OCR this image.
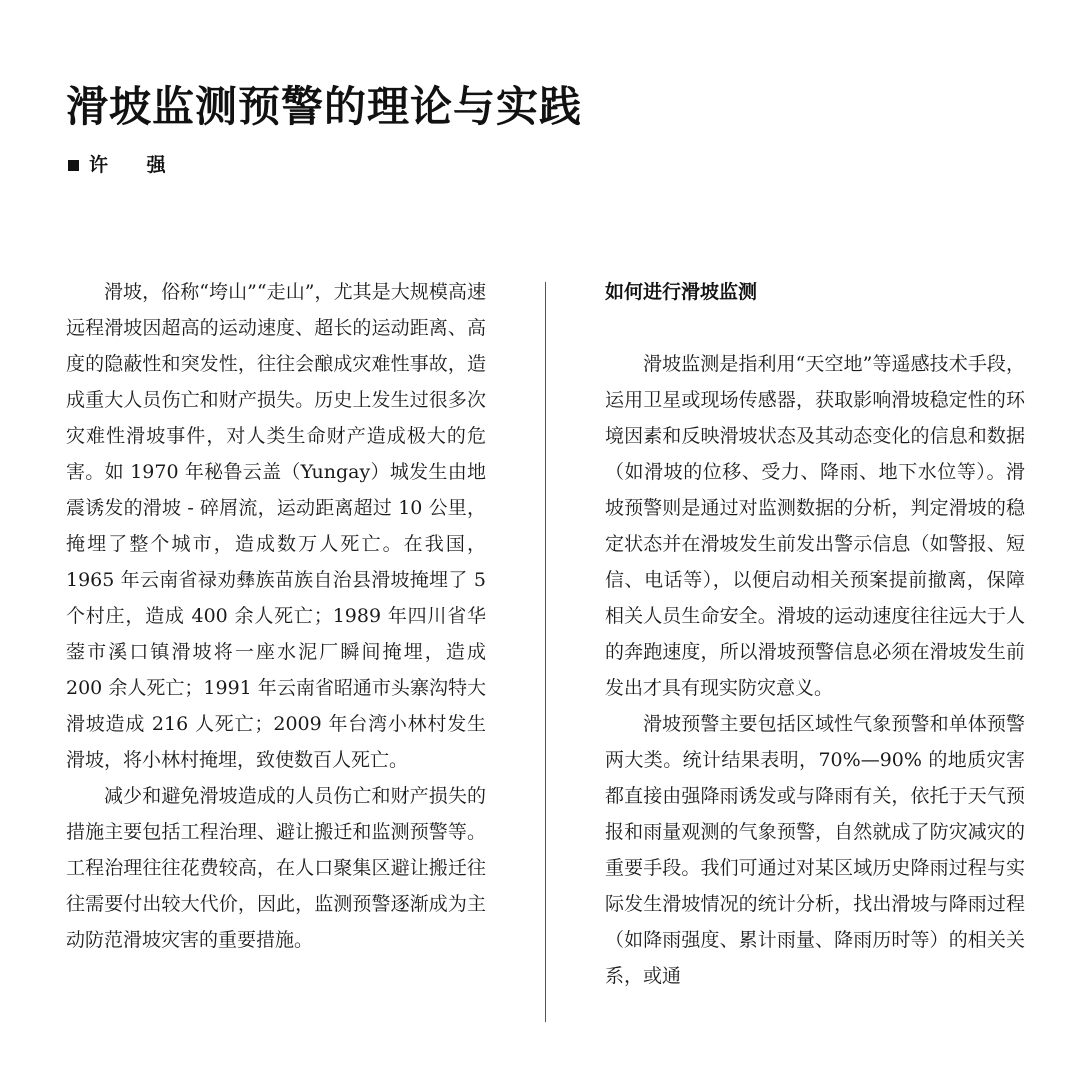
滑坡监测预警的理论与实践
许 强

滑坡，俗称“垮山”“走山”，尤其是大规模高速远程滑坡因超高的运动速度、超长的运动距离、高度的隐蔽性和突发性，往往会酿成灾难性事故，造成重大人员伤亡和财产损失。历史上发生过很多次灾难性滑坡事件，对人类生命财产造成极大的危害。如 1970 年秘鲁云盖（Yungay）城发生由地震诱发的滑坡 - 碎屑流，运动距离超过 10 公里，掩埋了整个城市，造成数万人死亡。在我国，1965 年云南省禄劝彝族苗族自治县滑坡掩埋了 5 个村庄，造成 400 余人死亡；1989 年四川省华蓥市溪口镇滑坡将一座水泥厂瞬间掩埋，造成 200 余人死亡；1991 年云南省昭通市头寨沟特大滑坡造成 216 人死亡；2009 年台湾小林村发生滑坡，将小林村掩埋，致使数百人死亡。

减少和避免滑坡造成的人员伤亡和财产损失的措施主要包括工程治理、避让搬迁和监测预警等。工程治理往往花费较高，在人口聚集区避让搬迁往往需要付出较大代价，因此，监测预警逐渐成为主动防范滑坡灾害的重要措施。

如何进行滑坡监测

滑坡监测是指利用“天空地”等遥感技术手段，运用卫星或现场传感器，获取影响滑坡稳定性的环境因素和反映滑坡状态及其动态变化的信息和数据（如滑坡的位移、受力、降雨、地下水位等）。滑坡预警则是通过对监测数据的分析，判定滑坡的稳定状态并在滑坡发生前发出警示信息（如警报、短信、电话等），以便启动相关预案提前撤离，保障相关人员生命安全。滑坡的运动速度往往远大于人的奔跑速度，所以滑坡预警信息必须在滑坡发生前发出才具有现实防灾意义。

滑坡预警主要包括区域性气象预警和单体预警两大类。统计结果表明，70%—90% 的地质灾害都直接由强降雨诱发或与降雨有关，依托于天气预报和雨量观测的气象预警，自然就成了防灾减灾的重要手段。我们可通过对某区域历史降雨过程与实际发生滑坡情况的统计分析，找出滑坡与降雨过程（如降雨强度、累计雨量、降雨历时等）的相关关系，或通
